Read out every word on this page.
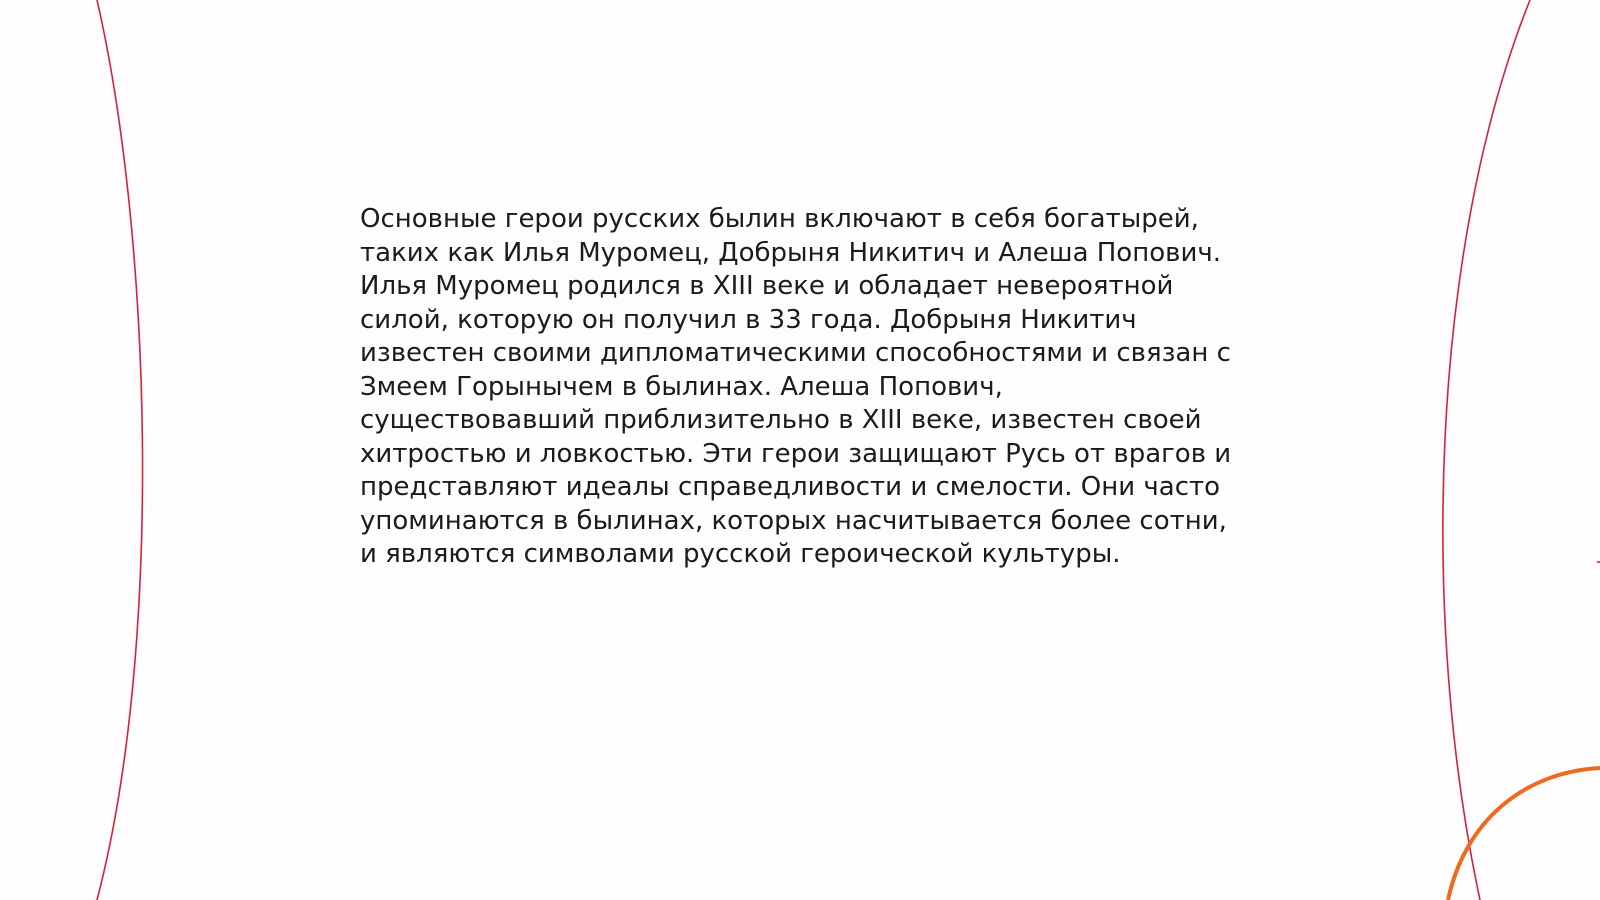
Основные герои русских былин включают в себя богатырей,
таких как Илья Муромец, Добрыня Никитич и Алеша Попович.
Илья Муромец родился в XIII веке и обладает невероятной
силой, которую он получил в 33 года. Добрыня Никитич
известен своими дипломатическими способностями и связан с
Змеем Горынычем в былинах. Алеша Попович,
существовавший приблизительно в XIII веке, известен своей
хитростью и ловкостью. Эти герои защищают Русь от врагов и
представляют идеалы справедливости и смелости. Они часто
упоминаются в былинах, которых насчитывается более сотни,
и являются символами русской героической культуры.
